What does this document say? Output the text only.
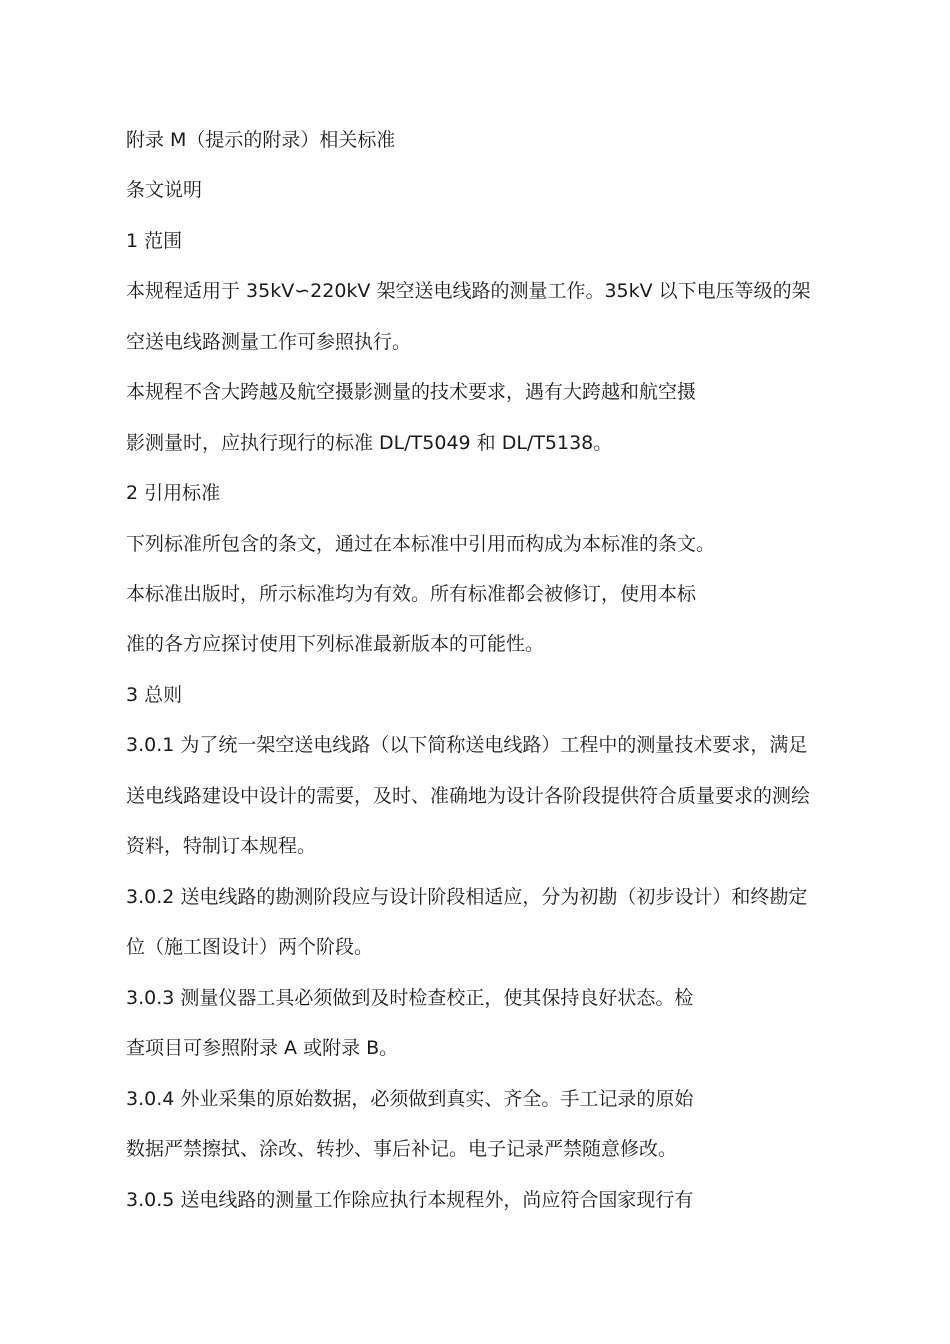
附录 M（提示的附录）相关标准

条文说明

1 范围

本规程适用于 35kV∽220kV 架空送电线路的测量工作。35kV 以下电压等级的架

空送电线路测量工作可参照执行。

本规程不含大跨越及航空摄影测量的技术要求，遇有大跨越和航空摄

影测量时，应执行现行的标准 DL/T5049 和 DL/T5138。

2 引用标准

下列标准所包含的条文，通过在本标准中引用而构成为本标准的条文。

本标准出版时，所示标准均为有效。所有标准都会被修订，使用本标

准的各方应探讨使用下列标准最新版本的可能性。

3 总则

3.0.1 为了统一架空送电线路（以下简称送电线路）工程中的测量技术要求，满足

送电线路建设中设计的需要，及时、准确地为设计各阶段提供符合质量要求的测绘

资料，特制订本规程。

3.0.2 送电线路的勘测阶段应与设计阶段相适应，分为初勘（初步设计）和终勘定

位（施工图设计）两个阶段。

3.0.3 测量仪器工具必须做到及时检查校正，使其保持良好状态。检

查项目可参照附录 A 或附录 B。

3.0.4 外业采集的原始数据，必须做到真实、齐全。手工记录的原始

数据严禁擦拭、涂改、转抄、事后补记。电子记录严禁随意修改。

3.0.5 送电线路的测量工作除应执行本规程外，尚应符合国家现行有
